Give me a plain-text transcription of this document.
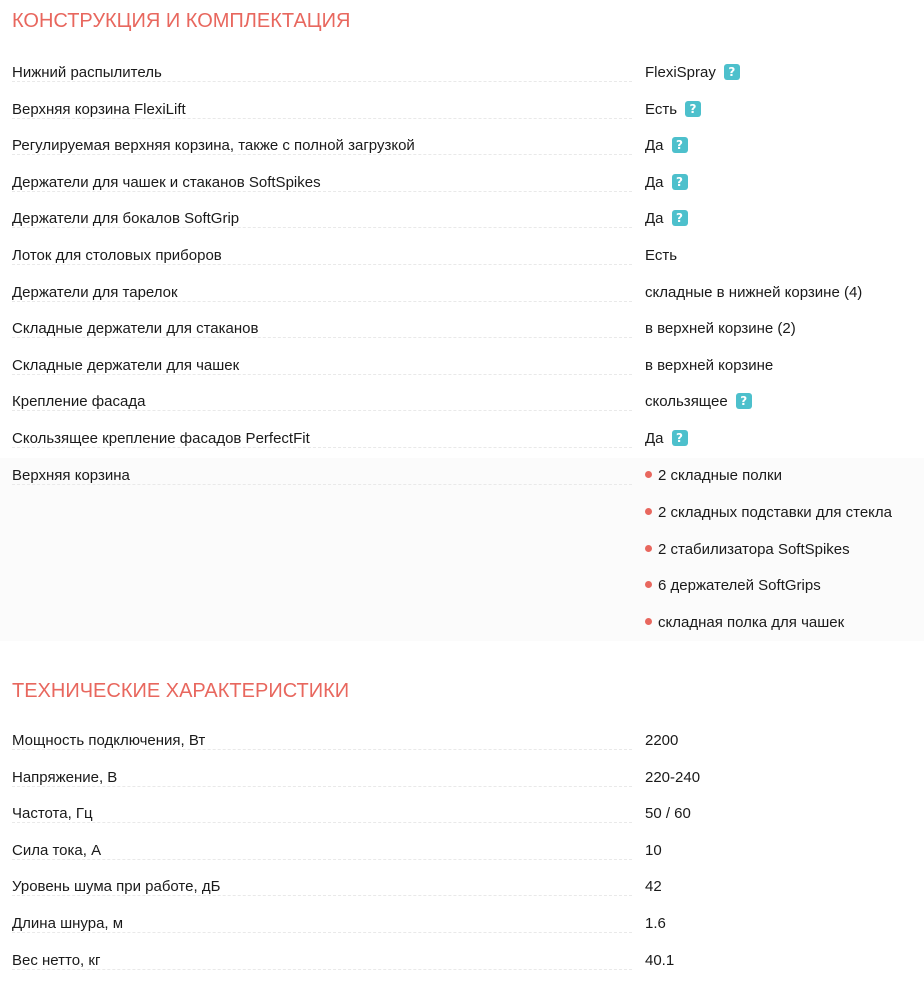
КОНСТРУКЦИЯ И КОМПЛЕКТАЦИЯ
Нижний распылитель	FlexiSpray ?
Верхняя корзина FlexiLift	Есть ?
Регулируемая верхняя корзина, также с полной загрузкой	Да ?
Держатели для чашек и стаканов SoftSpikes	Да ?
Держатели для бокалов SoftGrip	Да ?
Лоток для столовых приборов	Есть
Держатели для тарелок	складные в нижней корзине (4)
Складные держатели для стаканов	в верхней корзине (2)
Складные держатели для чашек	в верхней корзине
Крепление фасада	скользящее ?
Скользящее крепление фасадов PerfectFit	Да ?
Верхняя корзина	2 складные полки
2 складных подставки для стекла
2 стабилизатора SoftSpikes
6 держателей SoftGrips
складная полка для чашек
ТЕХНИЧЕСКИЕ ХАРАКТЕРИСТИКИ
Мощность подключения, Вт	2200
Напряжение, В	220-240
Частота, Гц	50 / 60
Сила тока, А	10
Уровень шума при работе, дБ	42
Длина шнура, м	1.6
Вес нетто, кг	40.1
